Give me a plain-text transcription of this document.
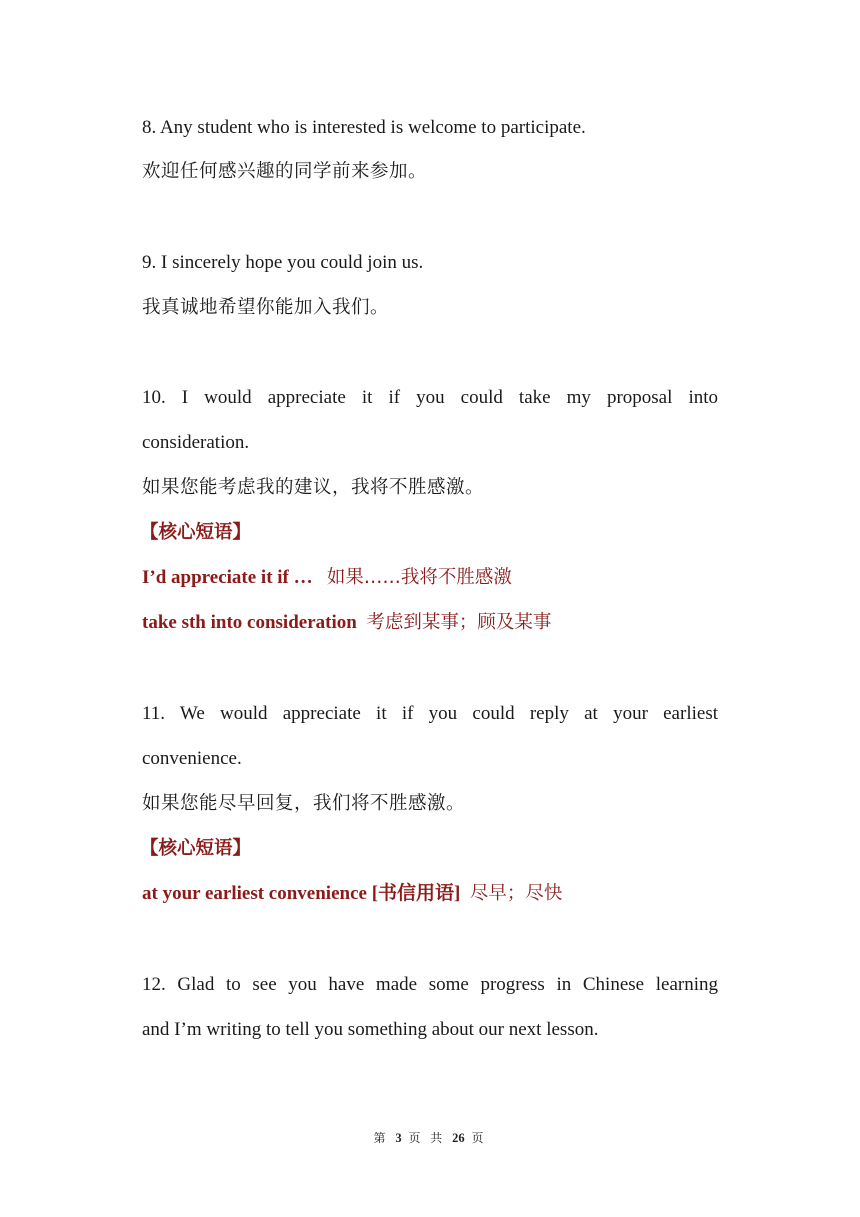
8. Any student who is interested is welcome to participate.
欢迎任何感兴趣的同学前来参加。
9. I sincerely hope you could join us.
我真诚地希望你能加入我们。
10. I would appreciate it if you could take my proposal into
consideration.
如果您能考虑我的建议，我将不胜感激。
【核心短语】
I’d appreciate it if … 如果……我将不胜感激
take sth into consideration 考虑到某事；顾及某事
11. We would appreciate it if you could reply at your earliest
convenience.
如果您能尽早回复，我们将不胜感激。
【核心短语】
at your earliest convenience [书信用语] 尽早；尽快
12. Glad to see you have made some progress in Chinese learning
and I’m writing to tell you something about our next lesson.
第 3 页 共 26 页
